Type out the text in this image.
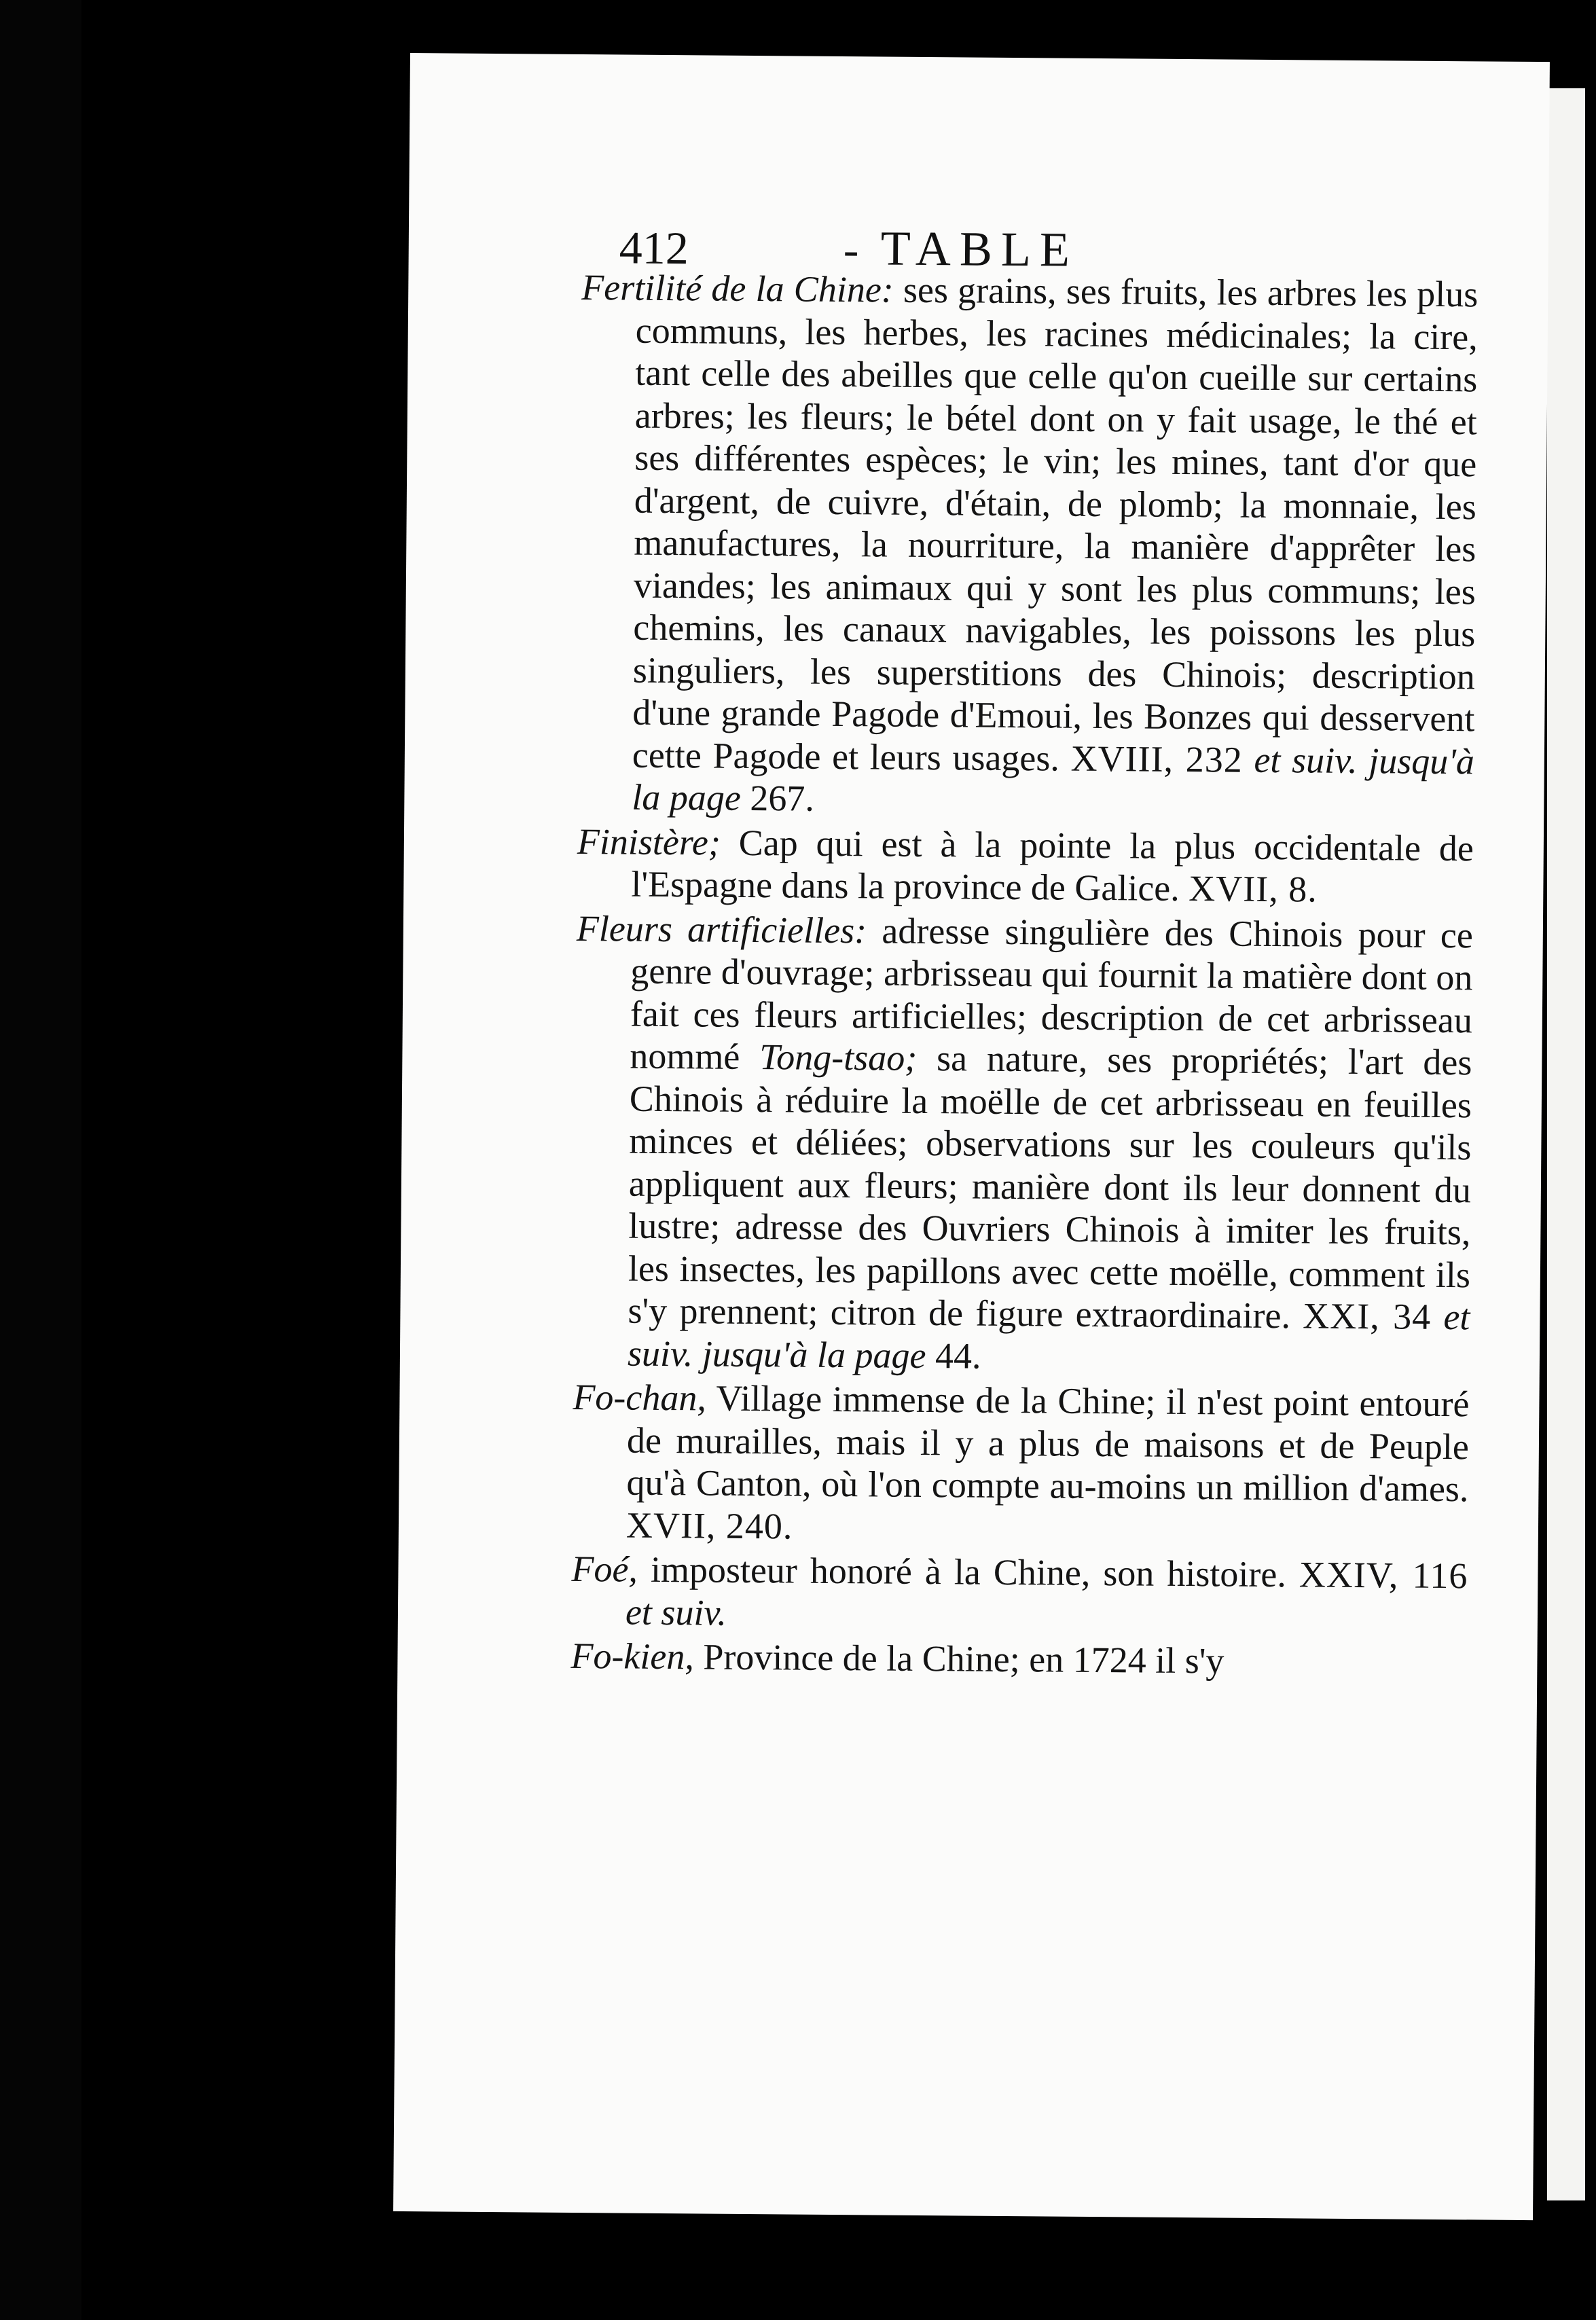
412	- TABLE

Fertilité de la Chine: ses grains, ses fruits, les arbres les plus communs, les herbes, les racines médicinales; la cire, tant celle des abeilles que celle qu'on cueille sur certains arbres; les fleurs; le bétel dont on y fait usage, le thé et ses différentes espèces; le vin; les mines, tant d'or que d'argent, de cuivre, d'étain, de plomb; la monnaie, les manufactures, la nourriture, la manière d'apprêter les viandes; les animaux qui y sont les plus communs; les chemins, les canaux navigables, les poissons les plus singuliers, les superstitions des Chinois; description d'une grande Pagode d'Emoui, les Bonzes qui desservent cette Pagode et leurs usages. XVIII, 232 et suiv. jusqu'à la page 267.

Finistère; Cap qui est à la pointe la plus occidentale de l'Espagne dans la province de Galice. XVII, 8.

Fleurs artificielles: adresse singulière des Chinois pour ce genre d'ouvrage; arbrisseau qui fournit la matière dont on fait ces fleurs artificielles; description de cet arbrisseau nommé Tong-tsao; sa nature, ses propriétés; l'art des Chinois à réduire la moëlle de cet arbrisseau en feuilles minces et déliées; observations sur les couleurs qu'ils appliquent aux fleurs; manière dont ils leur donnent du lustre; adresse des Ouvriers Chinois à imiter les fruits, les insectes, les papillons avec cette moëlle, comment ils s'y prennent; citron de figure extraordinaire. XXI, 34 et suiv. jusqu'à la page 44.

Fo-chan, Village immense de la Chine; il n'est point entouré de murailles, mais il y a plus de maisons et de Peuple qu'à Canton, où l'on compte au-moins un million d'ames. XVII, 240.

Foé, imposteur honoré à la Chine, son histoire. XXIV, 116 et suiv.

Fo-kien, Province de la Chine; en 1724 il s'y
